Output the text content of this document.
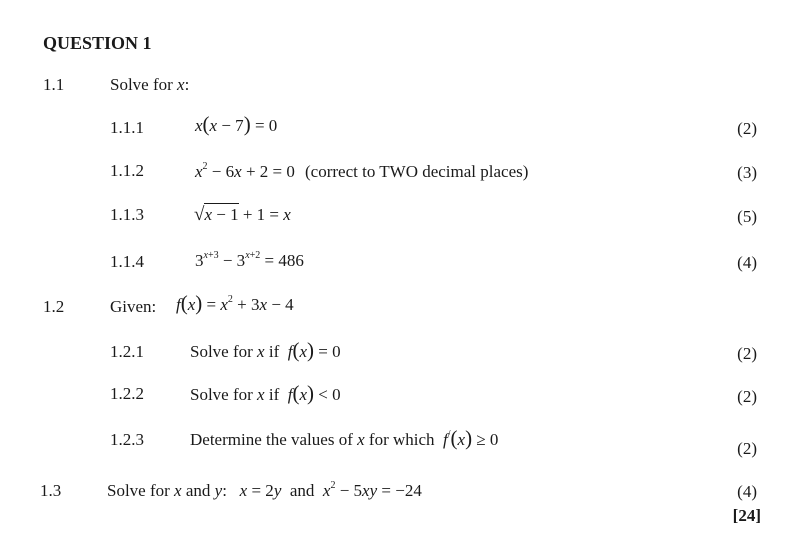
QUESTION 1
1.1	Solve for x:
1.1.1	x(x − 7) = 0	(2)
1.1.2	$x^2 - 6x + 2 = 0$ (correct to TWO decimal places)	(3)
1.1.3	√x − 1 + 1 = x	(5)
1.1.4	$3^{x+3} - 3^{x+2} = 486$	(4)
1.2	Given: $f(x) = x^2 + 3x - 4$
1.2.1	Solve for x if f(x) = 0	(2)
1.2.2	Solve for x if f(x) < 0	(2)
1.2.3	Determine the values of x for which f/(x) ≥ 0	(2)
1.3	Solve for x and y:   x = 2y and $x^2 - 5xy = -24$	(4)
[24]
